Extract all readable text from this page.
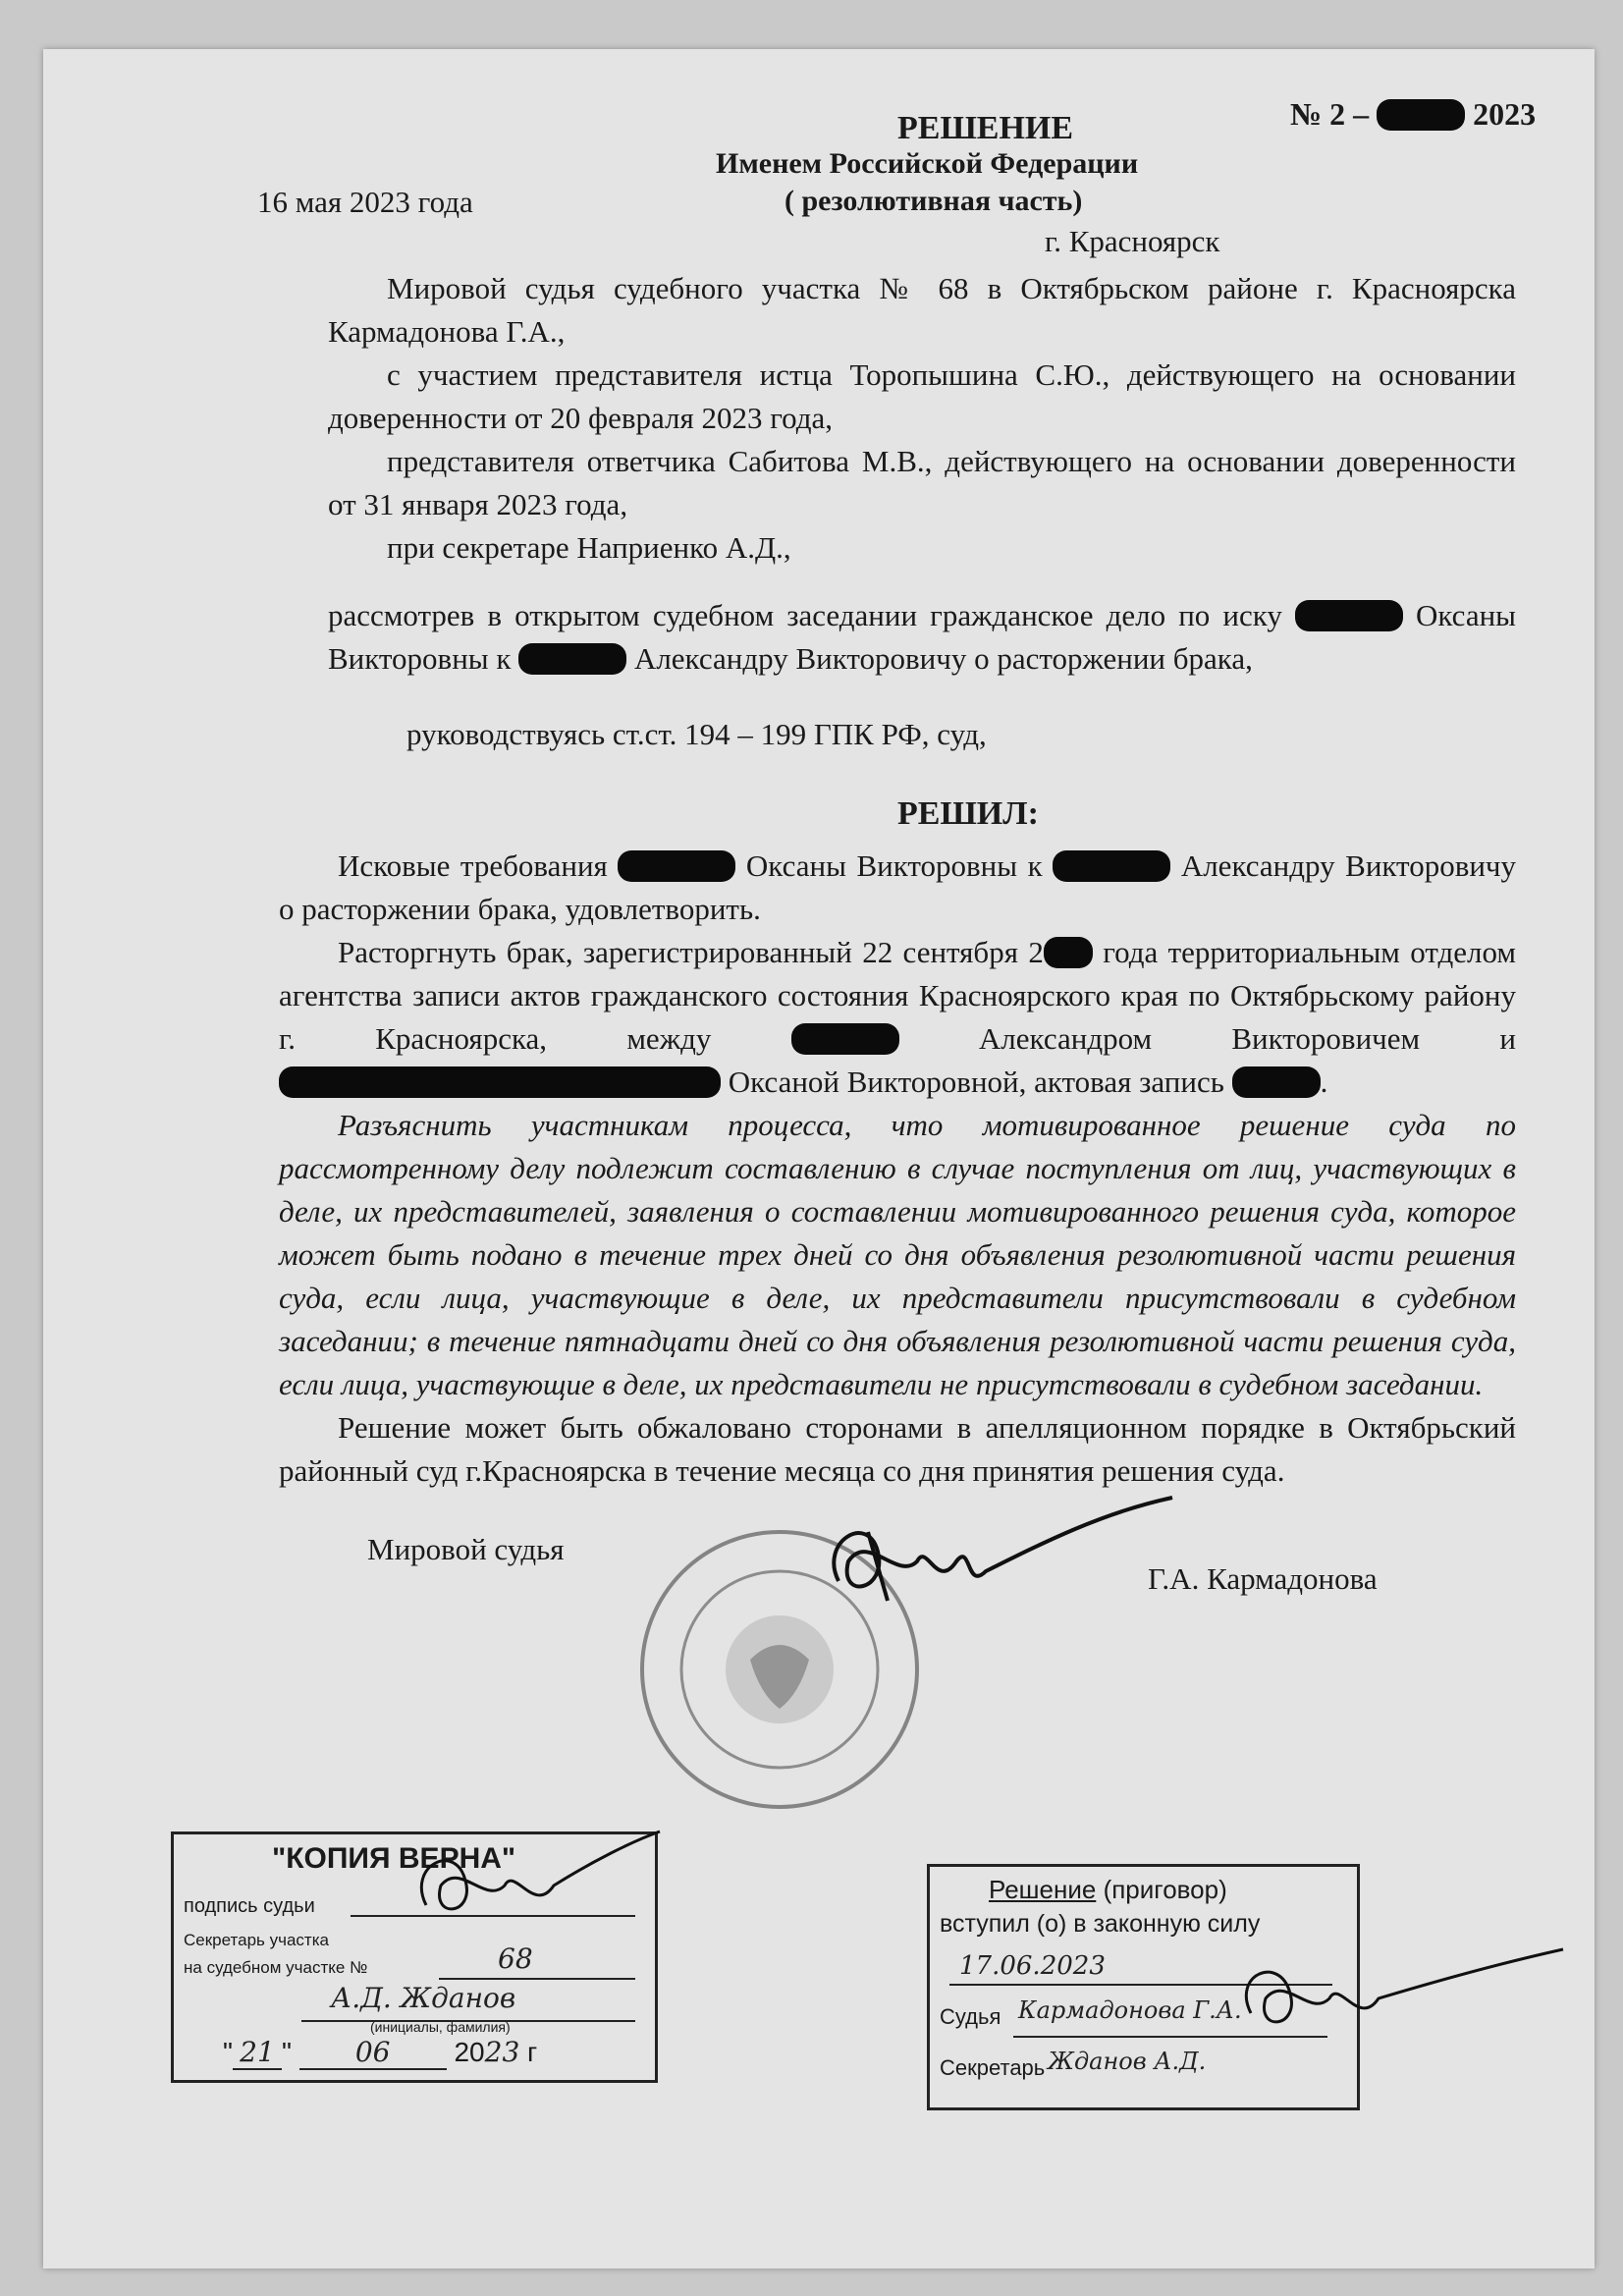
№ 2 –	2023
РЕШЕНИЕ
Именем Российской Федерации
( резолютивная часть)
16 мая 2023 года
г. Красноярск

Мировой судья судебного участка № 68 в Октябрьском районе г. Красноярска Кармадонова Г.А.,

с участием представителя истца Торопышина С.Ю., действующего на основании доверенности от 20 февраля 2023 года,

представителя ответчика Сабитова М.В., действующего на основании доверенности от 31 января 2023 года,

при секретаре Наприенко А.Д.,

рассмотрев в открытом судебном заседании гражданское дело по иску	Оксаны Викторовны к	Александру Викторовичу о расторжении брака,

руководствуясь ст.ст. 194 – 199 ГПК РФ, суд,
РЕШИЛ:

Исковые требования	Оксаны Викторовны к	Александру Викторовичу о расторжении брака, удовлетворить.

Расторгнуть брак, зарегистрированный 22 сентября 2 года территориальным отделом агентства записи актов гражданского состояния Красноярского края по Октябрьскому району г. Красноярска, между	Александром Викторовичем и  Оксаной Викторовной, актовая запись	.

Разъяснить участникам процесса, что мотивированное решение суда по рассмотренному делу подлежит составлению в случае поступления от лиц, участвующих в деле, их представителей, заявления о составлении мотивированного решения суда, которое может быть подано в течение трех дней со дня объявления резолютивной части решения суда, если лица, участвующие в деле, их представители присутствовали в судебном заседании; в течение пятнадцати дней со дня объявления резолютивной части решения суда, если лица, участвующие в деле, их представители не присутствовали в судебном заседании.

Решение может быть обжаловано сторонами в апелляционном порядке в Октябрьский районный суд г.Красноярска в течение месяца со дня принятия решения суда.

Мировой судья
Г.А. Кармадонова
"КОПИЯ ВЕРНА"
подпись судьи
Секретарь участка
на судебном участке №	68
А.Д. Жданов
(инициалы, фамилия)
" 21 " 06 2023 г
Решение (приговор)
вступил (о) в законную силу
17.06.2023
Судья Кармадонова Г.А.
Секретарь Жданов А.Д.
